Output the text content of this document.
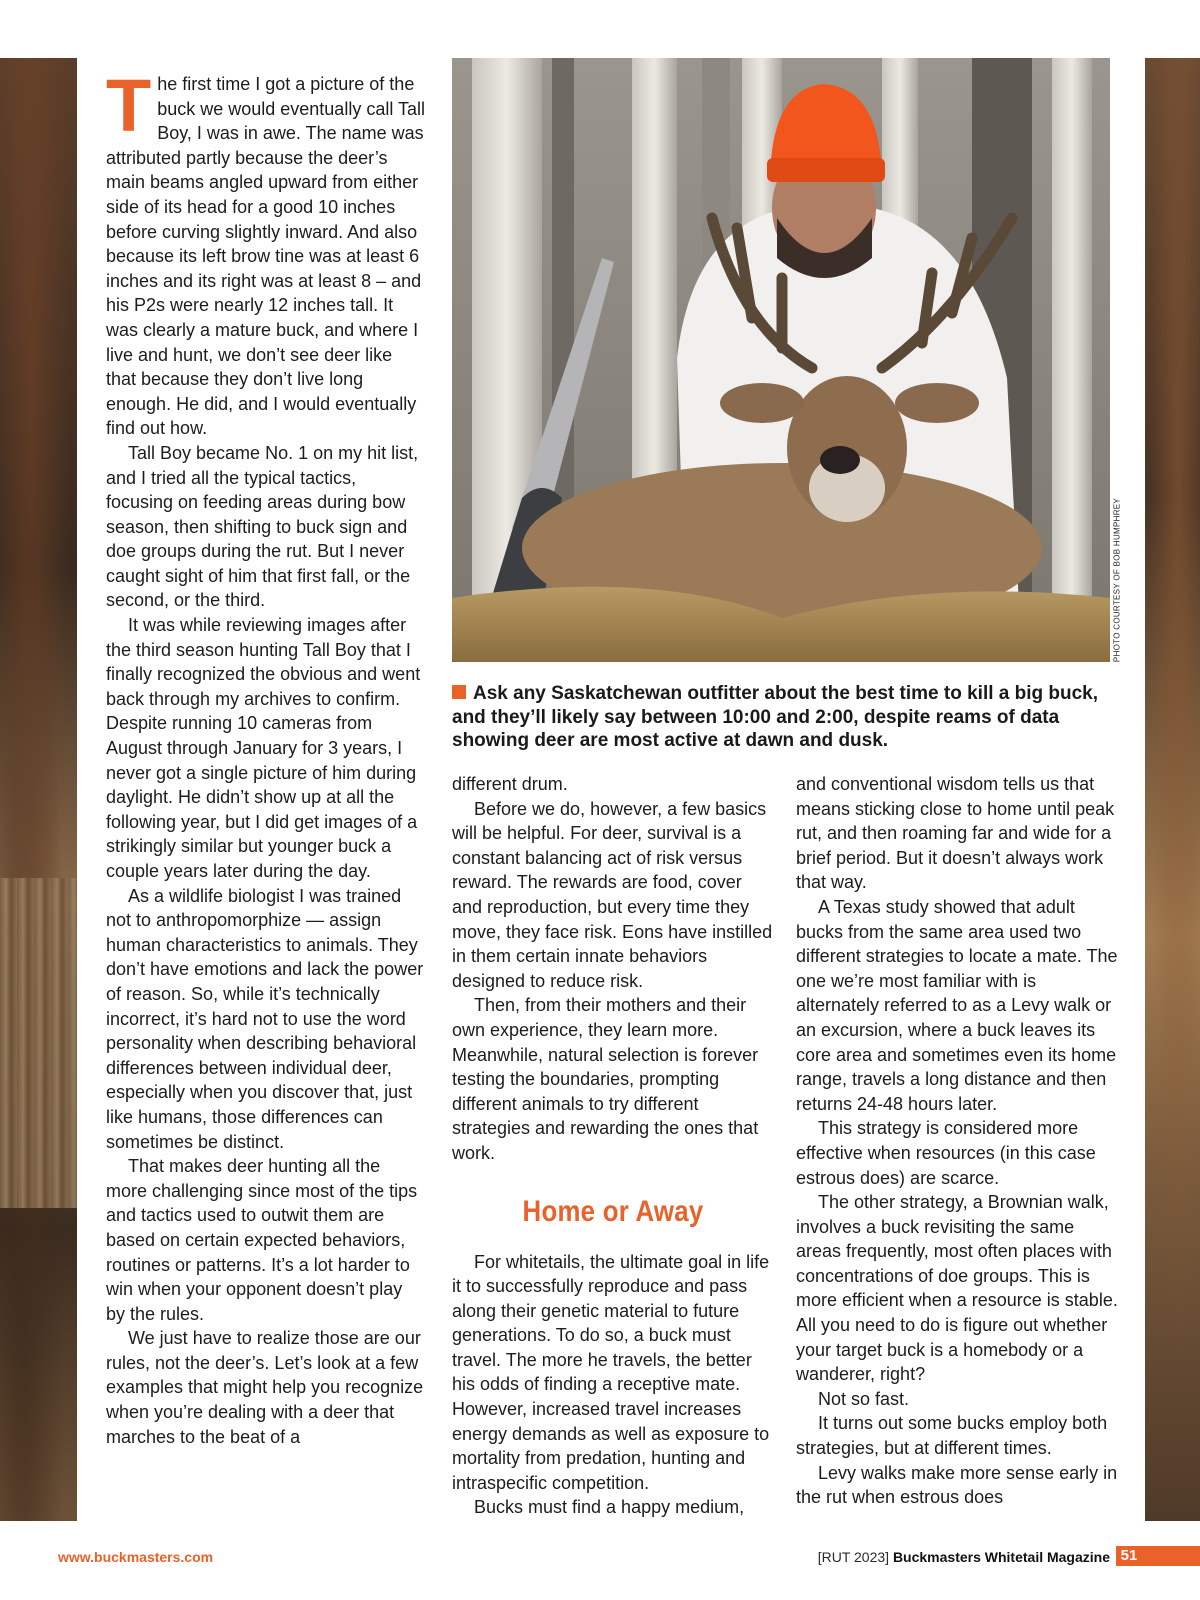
The first time I got a picture of the buck we would eventually call Tall Boy, I was in awe. The name was attributed partly because the deer’s main beams angled upward from either side of its head for a good 10 inches before curving slightly inward. And also because its left brow tine was at least 6 inches and its right was at least 8 – and his P2s were nearly 12 inches tall. It was clearly a mature buck, and where I live and hunt, we don’t see deer like that because they don’t live long enough. He did, and I would eventually find out how.

Tall Boy became No. 1 on my hit list, and I tried all the typical tactics, focusing on feeding areas during bow season, then shifting to buck sign and doe groups during the rut. But I never caught sight of him that first fall, or the second, or the third.

It was while reviewing images after the third season hunting Tall Boy that I finally recognized the obvious and went back through my archives to confirm. Despite running 10 cameras from August through January for 3 years, I never got a single picture of him during daylight. He didn’t show up at all the following year, but I did get images of a strikingly similar but younger buck a couple years later during the day.

As a wildlife biologist I was trained not to anthropomorphize — assign human characteristics to animals. They don’t have emotions and lack the power of reason. So, while it’s technically incorrect, it’s hard not to use the word personality when describing behavioral differences between individual deer, especially when you discover that, just like humans, those differences can sometimes be distinct.

That makes deer hunting all the more challenging since most of the tips and tactics used to outwit them are based on certain expected behaviors, routines or patterns. It’s a lot harder to win when your opponent doesn’t play by the rules.

We just have to realize those are our rules, not the deer’s. Let’s look at a few examples that might help you recognize when you’re dealing with a deer that marches to the beat of a

PHOTO COURTESY OF BOB HUMPHREY
Ask any Saskatchewan outfitter about the best time to kill a big buck, and they’ll likely say between 10:00 and 2:00, despite reams of data showing deer are most active at dawn and dusk.

different drum.

Before we do, however, a few basics will be helpful. For deer, survival is a constant balancing act of risk versus reward. The rewards are food, cover and reproduction, but every time they move, they face risk. Eons have instilled in them certain innate behaviors designed to reduce risk.

Then, from their mothers and their own experience, they learn more. Meanwhile, natural selection is forever testing the boundaries, prompting different animals to try different strategies and rewarding the ones that work.

For whitetails, the ultimate goal in life it to successfully reproduce and pass along their genetic material to future generations. To do so, a buck must travel. The more he travels, the better his odds of finding a receptive mate. However, increased travel increases energy demands as well as exposure to mortality from predation, hunting and intraspecific competition.

Bucks must find a happy medium,

Home or Away

and conventional wisdom tells us that means sticking close to home until peak rut, and then roaming far and wide for a brief period. But it doesn’t always work that way.

A Texas study showed that adult bucks from the same area used two different strategies to locate a mate. The one we’re most familiar with is alternately referred to as a Levy walk or an excursion, where a buck leaves its core area and sometimes even its home range, travels a long distance and then returns 24-48 hours later.

This strategy is considered more effective when resources (in this case estrous does) are scarce.

The other strategy, a Brownian walk, involves a buck revisiting the same areas frequently, most often places with concentrations of doe groups. This is more efficient when a resource is stable. All you need to do is figure out whether your target buck is a homebody or a wanderer, right?

Not so fast.

It turns out some bucks employ both strategies, but at different times.

Levy walks make more sense early in the rut when estrous does

www.buckmasters.com	[RUT 2023] Buckmasters Whitetail Magazine 51
